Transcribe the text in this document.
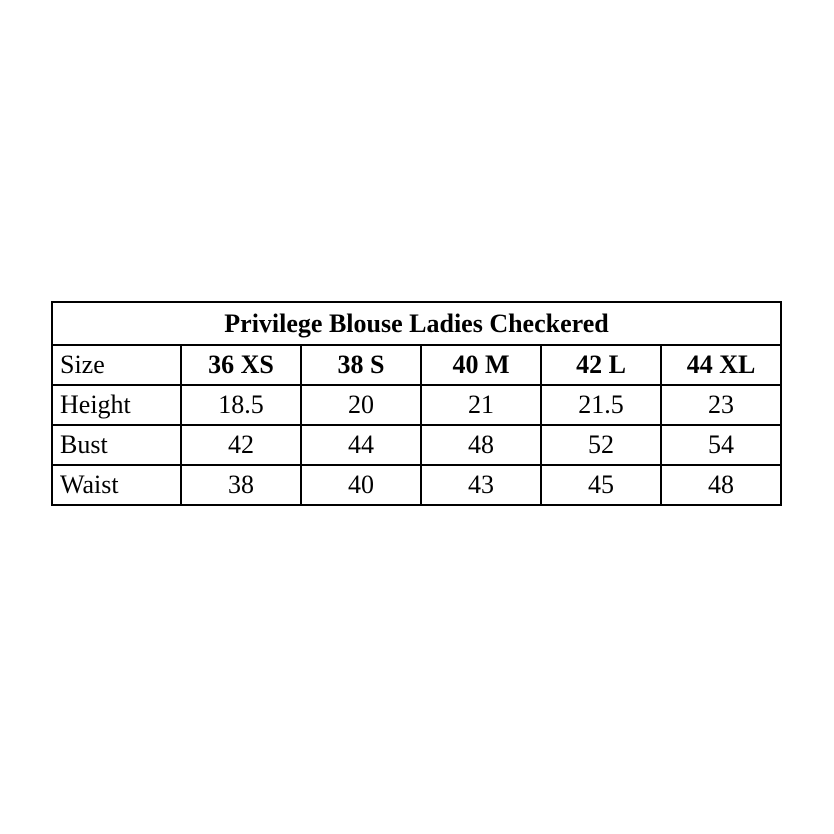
Privilege Blouse Ladies Checkered					
Size	36 XS	38 S	40 M	42 L	44 XL
Height	18.5	20	21	21.5	23
Bust	42	44	48	52	54
Waist	38	40	43	45	48
